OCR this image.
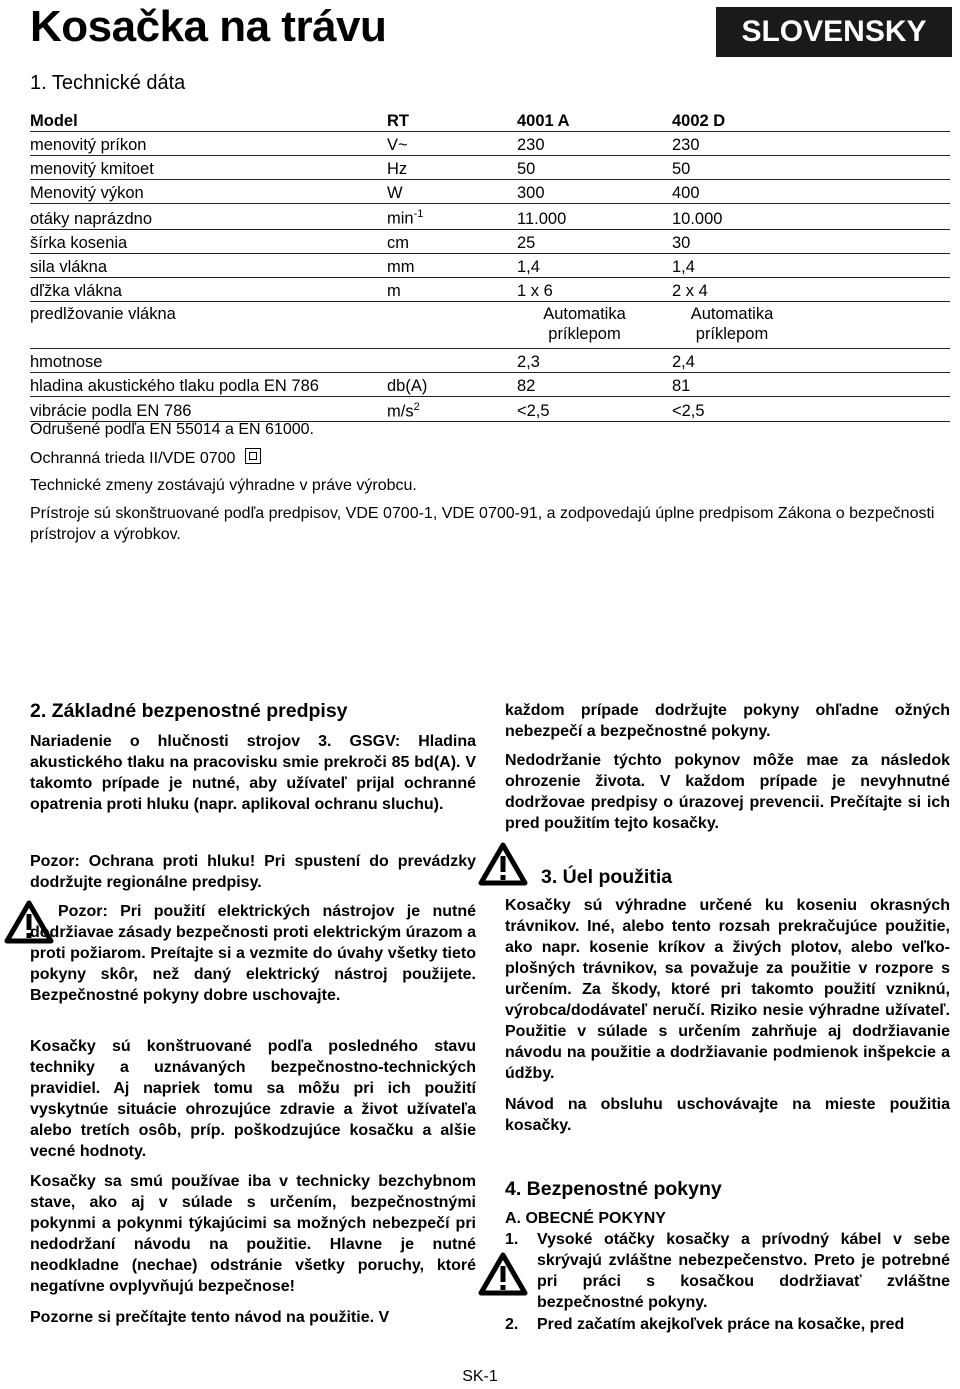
Kosačka na trávu	SLOVENSKY
1. Technické dáta
Model	RT	4001 A	4002 D	
menovitý príkon	V~	230	230	
menovitý kmitoet	Hz	50	50	
Menovitý výkon	W	300	400	
otáky naprázdno	$\min^{-1}$	11.000	10.000	
šírka kosenia	cm	25	30	
sila vlákna	mm	1,4	1,4	
dľžka vlákna	m	1 x 6	2 x 4	
predlžovanie vlákna		Automatika príklepom	Automatika príklepom	
hmotnose		2,3	2,4	
hladina akustického tlaku podla EN 786	db(A)	82	81	
vibrácie podla EN 786	$m/s^2$	<2,5	<2,5	
Odrušené podľa EN 55014 a EN 61000.
Ochranná trieda II/VDE 0700
Technické zmeny zostávajú výhradne v práve výrobcu.
Prístroje sú skonštruované podľa predpisov, VDE 0700-1, VDE 0700-91, a zodpovedajú úplne predpisom Zákona o bezpečnosti prístrojov a výrobkov.
2. Základné bezpenostné predpisy
Nariadenie o hlučnosti strojov 3. GSGV: Hladina akustického tlaku na pracovisku smie prekroči 85 bd(A). V takomto prípade je nutné, aby užívateľ prijal ochranné opatrenia proti hluku (napr. aplikoval ochranu sluchu).
Pozor: Ochrana proti hluku! Pri spustení do prevádzky dodržujte regionálne predpisy.
Pozor: Pri použití elektrických nástrojov je nutné dodržiavae zásady bezpečnosti proti elektrickým úrazom a proti požiarom. Preítajte si a vezmite do úvahy všetky tieto pokyny skôr, než daný elektrický nástroj použijete. Bezpečnostné pokyny dobre uschovajte.
Kosačky sú konštruované podľa posledného stavu techniky a uznávaných bezpečnostno-technických pravidiel. Aj napriek tomu sa môžu pri ich použití vyskytnúe situácie ohrozujúce zdravie a život užívateľa alebo tretích osôb, príp. poškodzujúce kosačku a alšie vecné hodnoty.
Kosačky sa smú používae iba v technicky bezchybnom stave, ako aj v súlade s určením, bezpečnostnými pokynmi a pokynmi týkajúcimi sa možných nebezpečí pri nedodržaní návodu na použitie. Hlavne je nutné neodkladne (nechae) odstránie všetky poruchy, ktoré negatívne ovplyvňujú bezpečnose!
Pozorne si prečítajte tento návod na použitie. V
každom prípade dodržujte pokyny ohľadne ožných nebezpečí a bezpečnostné pokyny.
Nedodržanie týchto pokynov môže mae za následok ohrozenie života. V každom prípade je nevyhnutné dodržovae predpisy o úrazovej prevencii. Prečítajte si ich pred použitím tejto kosačky.
3. Úel použitia
Kosačky sú výhradne určené ku koseniu okrasných trávnikov. Iné, alebo tento rozsah prekračujúce použitie, ako napr. kosenie kríkov a živých plotov, alebo veľko-plošných trávnikov, sa považuje za použitie v rozpore s určením. Za škody, ktoré pri takomto použití vzniknú, výrobca/dodávateľ neručí. Riziko nesie výhradne užívateľ. Použitie v súlade s určením zahrňuje aj dodržiavanie návodu na použitie a dodržiavanie podmienok inšpekcie a údžby.
Návod na obsluhu uschovávajte na mieste použitia kosačky.
4. Bezpenostné pokyny
A. OBECNÉ POKYNY
1. Vysoké otáčky kosačky a prívodný kábel v sebe skrývajú zvláštne nebezpečenstvo. Preto je potrebné pri práci s kosačkou dodržiavať zvláštne bezpečnostné pokyny.
2. Pred začatím akejkoľvek práce na kosačke, pred
SK-1
